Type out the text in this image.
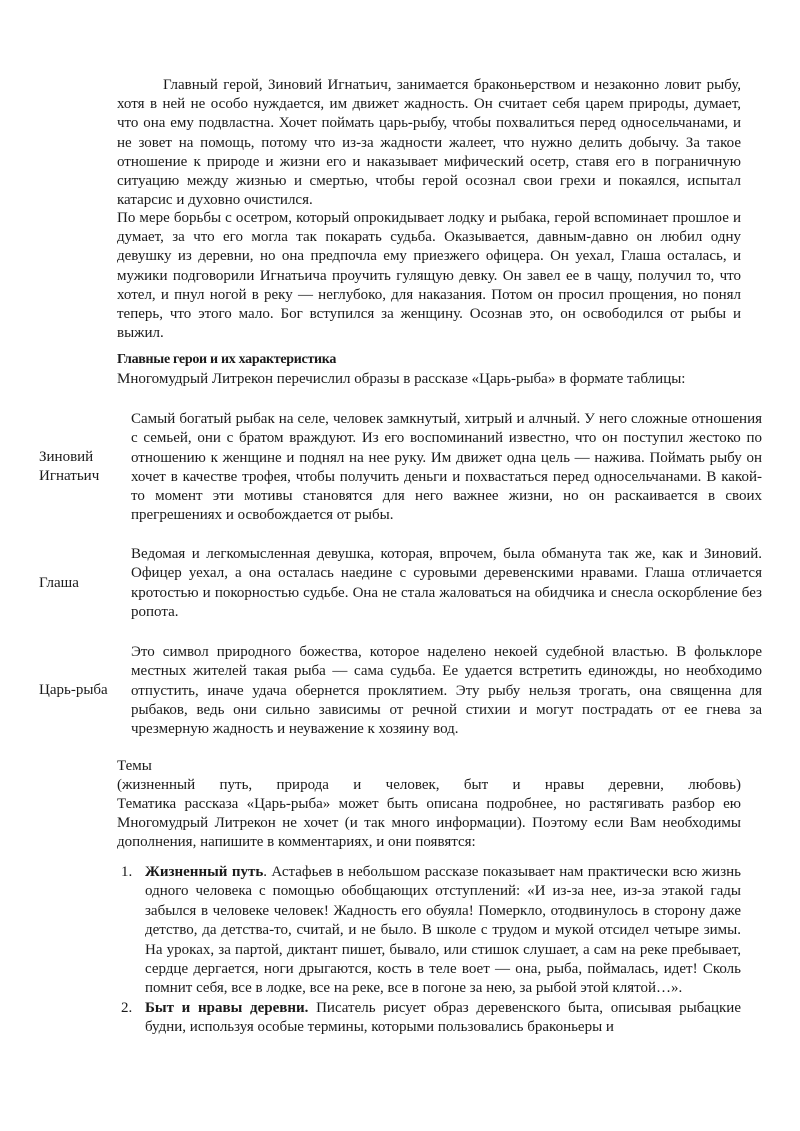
Главный герой, Зиновий Игнатьич, занимается браконьерством и незаконно ловит рыбу, хотя в ней не особо нуждается, им движет жадность. Он считает себя царем природы, думает, что она ему подвластна. Хочет поймать царь-рыбу, чтобы похвалиться перед односельчанами, и не зовет на помощь, потому что из-за жадности жалеет, что нужно делить добычу. За такое отношение к природе и жизни его и наказывает мифический осетр, ставя его в пограничную ситуацию между жизнью и смертью, чтобы герой осознал свои грехи и покаялся, испытал катарсис и духовно очистился.

По мере борьбы с осетром, который опрокидывает лодку и рыбака, герой вспоминает прошлое и думает, за что его могла так покарать судьба. Оказывается, давным-давно он любил одну девушку из деревни, но она предпочла ему приезжего офицера. Он уехал, Глаша осталась, и мужики подговорили Игнатьича проучить гулящую девку. Он завел ее в чащу, получил то, что хотел, и пнул ногой в реку — неглубоко, для наказания. Потом он просил прощения, но понял теперь, что этого мало. Бог вступился за женщину. Осознав это, он освободился от рыбы и выжил.

Главные герои и их характеристика

Многомудрый Литрекон перечислил образы в рассказе «Царь-рыба» в формате таблицы:

Зиновий Игнатьич

Самый богатый рыбак на селе, человек замкнутый, хитрый и алчный. У него сложные отношения с семьей, они с братом враждуют. Из его воспоминаний известно, что он поступил жестоко по отношению к женщине и поднял на нее руку. Им движет одна цель — нажива. Поймать рыбу он хочет в качестве трофея, чтобы получить деньги и похвастаться перед односельчанами. В какой-то момент эти мотивы становятся для него важнее жизни, но он раскаивается в своих прегрешениях и освобождается от рыбы.

Глаша

Ведомая и легкомысленная девушка, которая, впрочем, была обманута так же, как и Зиновий. Офицер уехал, а она осталась наедине с суровыми деревенскими нравами. Глаша отличается кротостью и покорностью судьбе. Она не стала жаловаться на обидчика и снесла оскорбление без ропота.

Царь-рыба

Это символ природного божества, которое наделено некоей судебной властью. В фольклоре местных жителей такая рыба — сама судьба. Ее удается встретить единожды, но необходимо отпустить, иначе удача обернется проклятием. Эту рыбу нельзя трогать, она священна для рыбаков, ведь они сильно зависимы от речной стихии и могут пострадать от ее гнева за чрезмерную жадность и неуважение к хозяину вод.

Темы
(жизненный путь, природа и человек, быт и нравы деревни, любовь)

Тематика рассказа «Царь-рыба» может быть описана подробнее, но растягивать разбор ею Многомудрый Литрекон не хочет (и так много информации). Поэтому если Вам необходимы дополнения, напишите в комментариях, и они появятся:

1. Жизненный путь. Астафьев в небольшом рассказе показывает нам практически всю жизнь одного человека с помощью обобщающих отступлений: «И из-за нее, из-за этакой гады забылся в человеке человек! Жадность его обуяла! Померкло, отодвинулось в сторону даже детство, да детства-то, считай, и не было. В школе с трудом и мукой отсидел четыре зимы. На уроках, за партой, диктант пишет, бывало, или стишок слушает, а сам на реке пребывает, сердце дергается, ноги дрыгаются, кость в теле воет — она, рыба, поймалась, идет! Сколь помнит себя, все в лодке, все на реке, все в погоне за нею, за рыбой этой клятой…».
2. Быт и нравы деревни. Писатель рисует образ деревенского быта, описывая рыбацкие будни, используя особые термины, которыми пользовались браконьеры и
